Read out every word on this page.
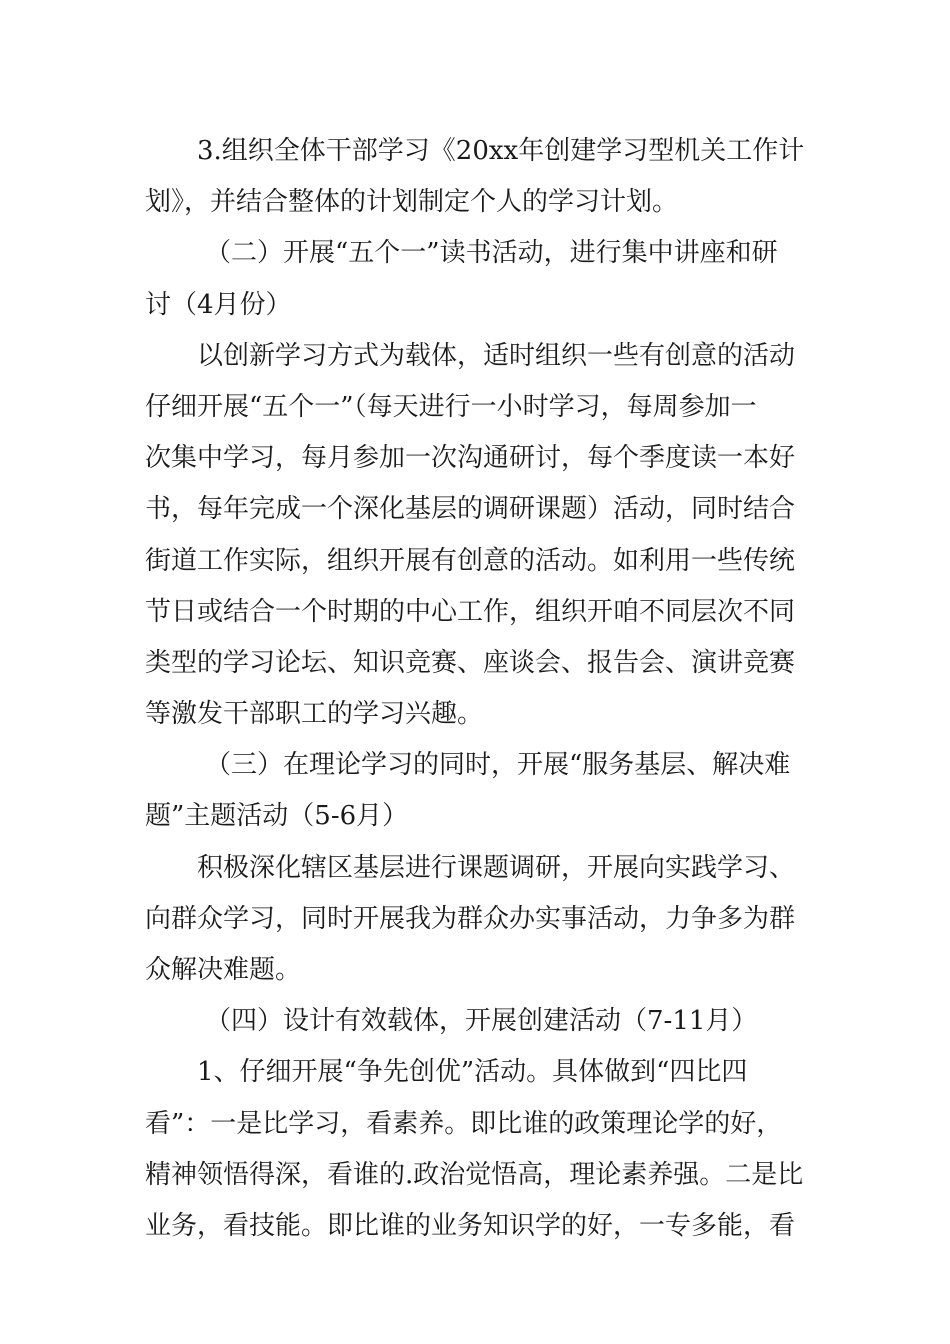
3.组织全体干部学习《20xx年创建学习型机关工作计
划》，并结合整体的计划制定个人的学习计划。

（二）开展“五个一”读书活动，进行集中讲座和研
讨（4月份）

以创新学习方式为载体，适时组织一些有创意的活动
仔细开展“五个一”（每天进行一小时学习，每周参加一
次集中学习，每月参加一次沟通研讨，每个季度读一本好
书，每年完成一个深化基层的调研课题）活动，同时结合
街道工作实际，组织开展有创意的活动。如利用一些传统
节日或结合一个时期的中心工作，组织开咱不同层次不同
类型的学习论坛、知识竞赛、座谈会、报告会、演讲竞赛
等激发干部职工的学习兴趣。

（三）在理论学习的同时，开展“服务基层、解决难
题”主题活动（5-6月）

积极深化辖区基层进行课题调研，开展向实践学习、
向群众学习，同时开展我为群众办实事活动，力争多为群
众解决难题。

（四）设计有效载体，开展创建活动（7-11月）

1、仔细开展“争先创优”活动。具体做到“四比四
看”：一是比学习，看素养。即比谁的政策理论学的好，
精神领悟得深，看谁的.政治觉悟高，理论素养强。二是比
业务，看技能。即比谁的业务知识学的好，一专多能，看
